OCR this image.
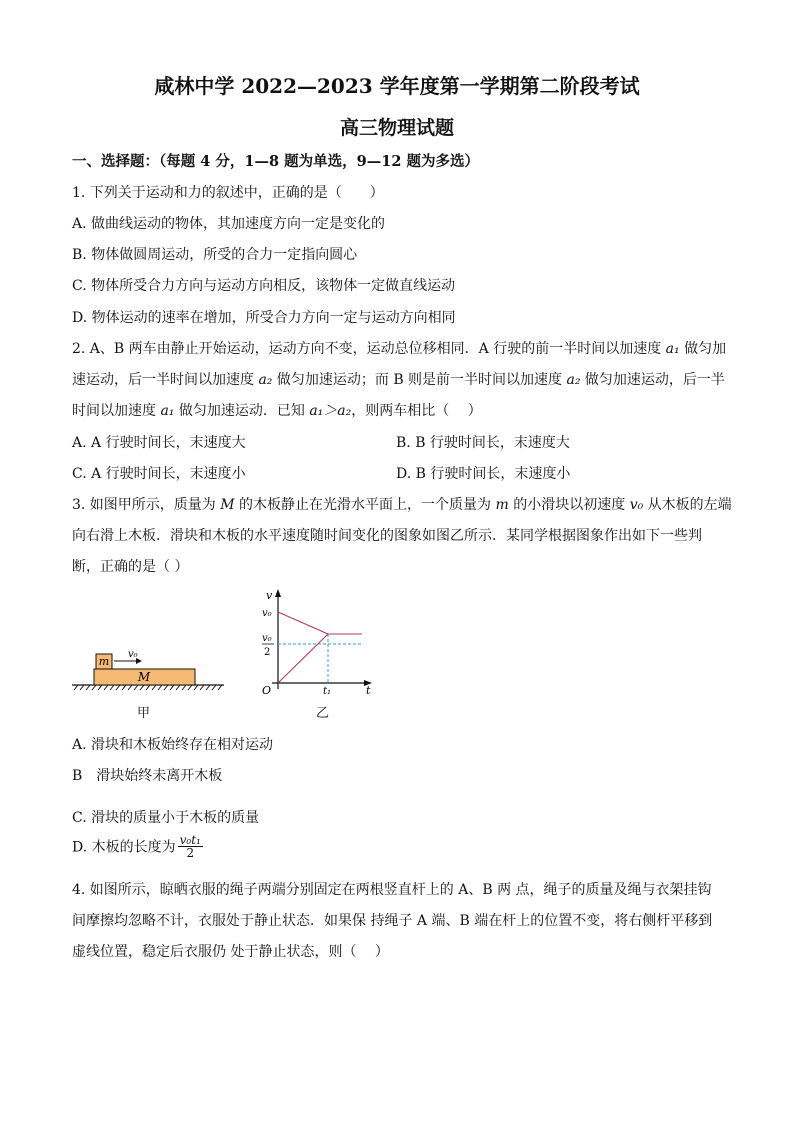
咸林中学 2022—2023 学年度第一学期第二阶段考试
高三物理试题
一、选择题：（每题 4 分，1—8 题为单选，9—12 题为多选）
1. 下列关于运动和力的叙述中，正确的是（　　）
A. 做曲线运动的物体，其加速度方向一定是变化的
B. 物体做圆周运动，所受的合力一定指向圆心
C. 物体所受合力方向与运动方向相反，该物体一定做直线运动
D. 物体运动的速率在增加，所受合力方向一定与运动方向相同
2. A、B 两车由静止开始运动，运动方向不变，运动总位移相同．A 行驶的前一半时间以加速度 a₁ 做匀加
速运动，后一半时间以加速度 a₂ 做匀加速运动；而 B 则是前一半时间以加速度 a₂ 做匀加速运动，后一半
时间以加速度 a₁ 做匀加速运动．已知 a₁＞a₂，则两车相比（　 ）
A. A 行驶时间长，末速度大	B. B 行驶时间长，末速度大
C. A 行驶时间长，末速度小	D. B 行驶时间长，末速度小
3. 如图甲所示，质量为 M 的木板静止在光滑水平面上，一个质量为 m 的小滑块以初速度 v₀ 从木板的左端
向右滑上木板．滑块和木板的水平速度随时间变化的图象如图乙所示．某同学根据图象作出如下一些判
断，正确的是（ ）
M
m
v₀
甲
v
t
O
v₀
v₀
2
t₁
乙
A. 滑块和木板始终存在相对运动
B　滑块始终未离开木板
C. 滑块的质量小于木板的质量
D. 木板的长度为 $\frac{\text{v₀t₁}}{2}$
4. 如图所示，晾晒衣服的绳子两端分别固定在两根竖直杆上的 A、B 两 点，绳子的质量及绳与衣架挂钩
间摩擦均忽略不计，衣服处于静止状态．如果保 持绳子 A 端、B 端在杆上的位置不变，将右侧杆平移到
虚线位置，稳定后衣服仍 处于静止状态，则（　 ）
